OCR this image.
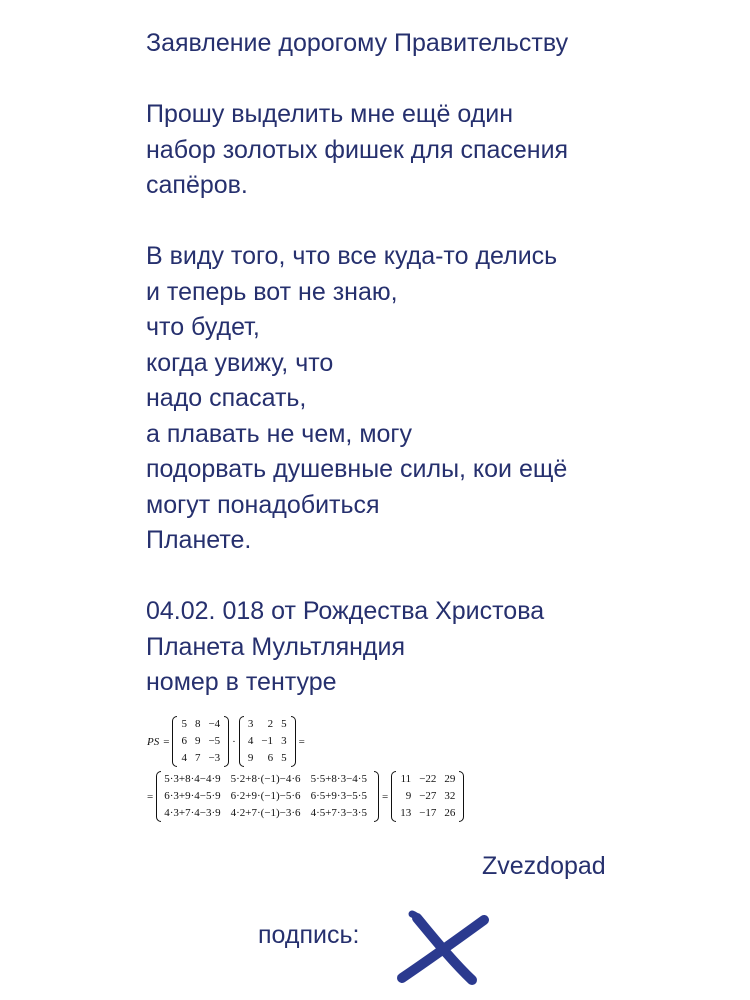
Заявление дорогому Правительству
Прошу выделить мне ещё один
набор золотых фишек для спасения
сапёров.
В виду того, что все куда-то делись
и теперь вот не знаю,
что будет,
когда увижу, что
надо спасать,
а плавать не чем, могу
подорвать душевные силы, кои ещё
могут понадобиться
Планете.
04.02. 018 от Рождества Христова
Планета Мультляндия
номер в тентуре
PS =
5	8	−4
6	9	−5
4	7	−3
·
3	2	5
4	−1	3
9	6	5
=
=
5·3+8·4−4·9	5·2+8·(−1)−4·6	5·5+8·3−4·5
6·3+9·4−5·9	6·2+9·(−1)−5·6	6·5+9·3−5·5
4·3+7·4−3·9	4·2+7·(−1)−3·6	4·5+7·3−3·5
=
11	−22	29
9	−27	32
13	−17	26
Zvezdopad
подпись:
